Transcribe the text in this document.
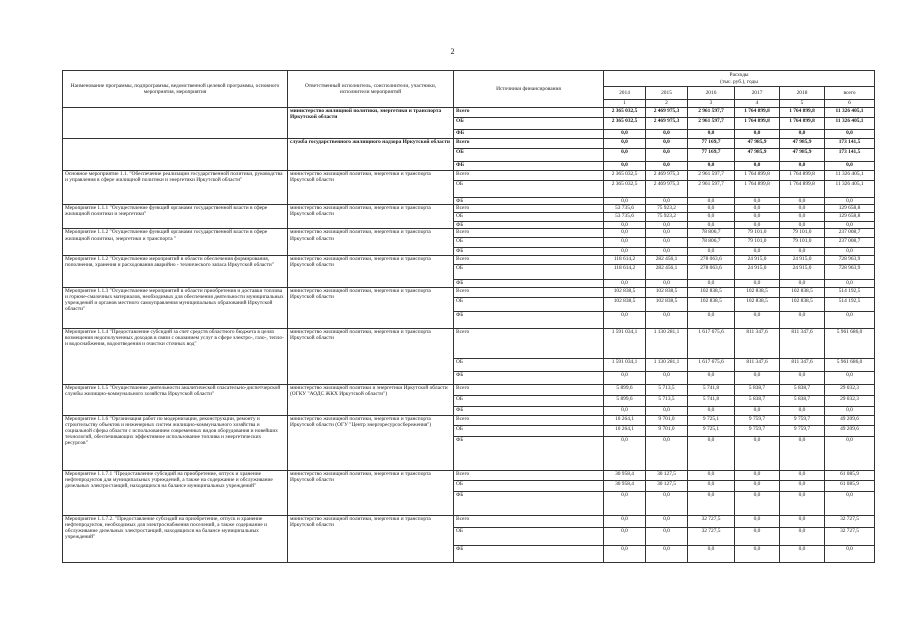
2
Наименование программы, подпрограммы, ведомственной целевой программы, основного мероприятия, мероприятия	Ответственный исполнитель, соисполнители, участники, исполнители мероприятий	Источники финансирования	Расходы
(тыс. руб.), годы						
			2014	2015	2016	2017	2018	всего	
			1	2	3	4	5	6			
	министерство жилищной политики, энергетики и транспорта Иркутской области	Всего	2 365 032,5	2 469 975,3	2 961 597,7	1 764 899,8	1 764 899,8	11 326 405,1	
		ОБ	2 365 032,5	2 469 975,3	2 961 597,7	1 764 899,8	1 764 899,8	11 326 405,1	
		ФБ	0,0	0,0	0,0	0,0	0,0	0,0	
	служба государственного жилищного надзора Иркутской области	Всего	0,0	0,0	77 169,7	47 985,9	47 985,9	173 141,5	
		ОБ	0,0	0,0	77 169,7	47 985,9	47 985,9	173 141,5	
		ФБ	0,0	0,0	0,0	0,0	0,0	0,0	
Основное мероприятие 1.1. "Обеспечение реализации государственной политики, руководства и управления в сфере жилищной политики и энергетики Иркутской области"	министерство жилищной политики, энергетики и транспорта Иркутской области	Всего	2 365 032,5	2 469 975,3	2 961 597,7	1 764 899,8	1 764 899,8	11 326 405,1	
		ОБ	2 365 032,5	2 469 975,3	2 961 597,7	1 764 899,8	1 764 899,8	11 326 405,1	
		ФБ	0,0	0,0	0,0	0,0	0,0	0,0	
Мероприятие 1.1.1 "Осуществление функций органами государственной власти в сфере жилищной политики и энергетики"	министерство жилищной политики, энергетики и транспорта Иркутской области	Всего	53 735,6	75 923,2	0,0	0,0	0,0	129 658,8	
		ОБ	53 735,6	75 923,2	0,0	0,0	0,0	129 658,8	
		ФБ	0,0	0,0	0,0	0,0	0,0	0,0	
Мероприятие 1.1.2 "Осуществление функций органами государственной власти в сфере жилищной политики, энергетики и транспорта "	министерство жилищной политики, энергетики и транспорта Иркутской области	Всего	0,0	0,0	78 806,7	79 101,0	79 101,0	237 008,7	
		ОБ	0,0	0,0	78 806,7	79 101,0	79 101,0	237 008,7	
		ФБ	0,0	0,0	0,0	0,0	0,0	0,0	
Мероприятие 1.1.2 "Осуществление мероприятий в области обеспечения формирования, пополнения, хранения и расходования аварийно - технического запаса Иркутской области"	министерство жилищной политики, энергетики и транспорта Иркутской области	Всего	118 614,2	282 456,1	278 063,6	24 915,0	24 915,0	728 963,9	
		ОБ	118 614,2	282 456,1	278 063,6	24 915,0	24 915,0	728 963,9	
		ФБ	0,0	0,0	0,0	0,0	0,0	0,0	
Мероприятие 1.1.3 "Осуществление мероприятий в области приобретения и доставки топлива и горюче-смазочных материалов, необходимых для обеспечения деятельности муниципальных учреждений и органов местного самоуправления муниципальных образований Иркутской области"	министерство жилищной политики, энергетики и транспорта Иркутской области	Всего	102 838,5	102 838,5	102 838,5	102 838,5	102 838,5	514 192,5	
		ОБ	102 838,5	102 838,5	102 838,5	102 838,5	102 838,5	514 192,5	
		ФБ	0,0	0,0	0,0	0,0	0,0	0,0	
Мероприятие 1.1.4 "Предоставление субсидий за счет средств областного бюджета в целях возмещения недополученных доходов в связи с оказанием услуг в сфере электро-, газо-, тепло- и водоснабжения, водоотведения и очистки сточных вод"	министерство жилищной политики, энергетики и транспорта Иркутской области	Всего	1 591 034,1	1 130 281,1	1 617 675,6	811 347,6	811 347,6	5 961 686,0	
		ОБ	1 591 034,1	1 130 281,1	1 617 675,6	811 347,6	811 347,6	5 961 686,0	
		ФБ	0,0	0,0	0,0	0,0	0,0	0,0	
Мероприятие 1.1.5 "Осуществление деятельности аналитической спасательно-диспетчерской службы жилищно-коммунального хозяйства Иркутской области"	министерство жилищной политики и энергетики Иркутской области (ОГКУ "АОДС ЖКХ Иркутской области")	Всего	5 899,6	5 713,5	5 741,8	5 838,7	5 838,7	29 032,3	
		ОБ	5 899,6	5 713,5	5 741,8	5 838,7	5 838,7	29 032,3	
		ФБ	0,0	0,0	0,0	0,0	0,0	0,0	
Мероприятие 1.1.6 "Организация работ по модернизации, реконструкции, ремонту и строительству объектов и инженерных систем жилищно-коммунального хозяйства и социальной сферы области с использованием современных видов оборудования и новейших технологий, обеспечивающих эффективное использование топлива и энергетических ресурсов"	министерство жилищной политики, энергетики и транспорта Иркутской области (ОГУ "Центр энергоресурсосбережения")	Всего	10 264,1	9 701,0	9 725,1	9 759,7	9 759,7	49 209,6	
		ОБ	10 264,1	9 701,0	9 725,1	9 759,7	9 759,7	49 209,6	
		ФБ	0,0	0,0	0,0	0,0	0,0	0,0	
Мероприятие 1.1.7.1 "Предоставление субсидий на приобретение, оптуск и хранение нефтепродуктов для муниципальных учреждений, а также на содержание и обслуживание дизельных электростанций, находящихся на балансе муниципальных учреждений"	министерство жилищной политики, энергетики и транспорта Иркутской области	Всего	30 958,4	30 127,5	0,0	0,0	0,0	61 085,9	
		ОБ	30 958,4	30 127,5	0,0	0,0	0,0	61 085,9	
		ФБ	0,0	0,0	0,0	0,0	0,0	0,0	
Мероприятие 1.1.7.2. "Предоставление субсидий на приобретение, отпуск и хранение нефтепродуктов, необходимых для электроснабжения поселений, а также содержание и обслуживание дизельных электростанций, находящихся на балансе муниципальных учреждений"	министерство жилищной политики, энергетики и транспорта Иркутской области	Всего	0,0	0,0	32 727,5	0,0	0,0	32 727,5	
		ОБ	0,0	0,0	32 727,5	0,0	0,0	32 727,5	
		ФБ	0,0	0,0	0,0	0,0	0,0	0,0	
